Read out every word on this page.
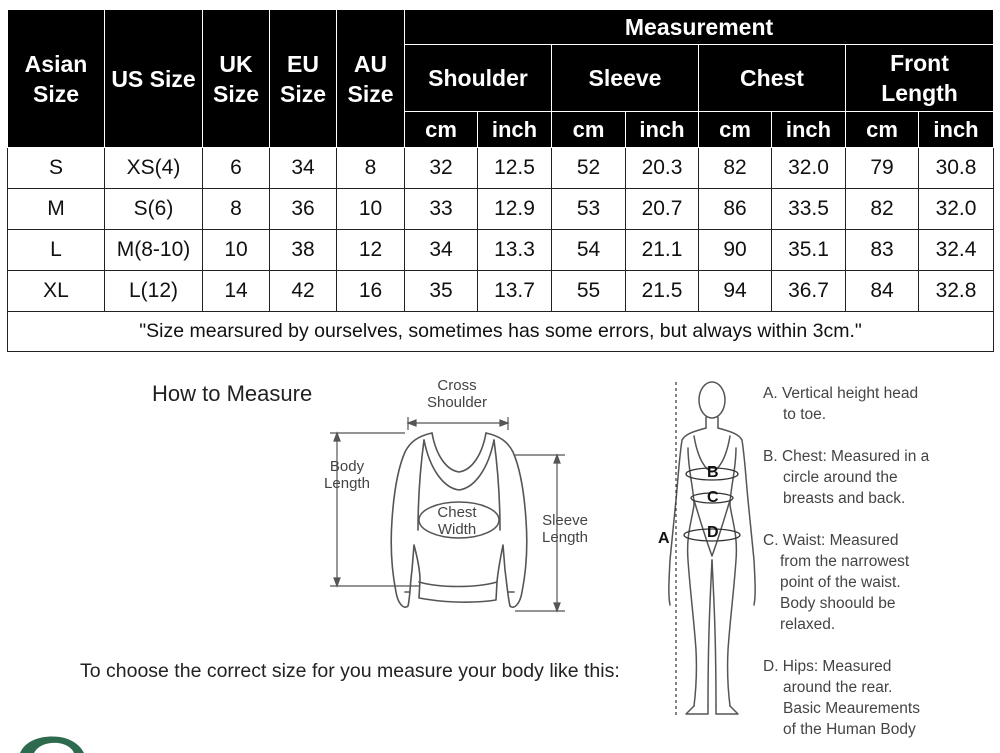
Asian Size	US Size	UK Size	EU Size	AU Size	Measurement							
					Shoulder		Sleeve		Chest		Front Length	
					cm	inch	cm	inch	cm	inch	cm	inch
S	XS(4)	6	34	8	32	12.5	52	20.3	82	32.0	79	30.8
M	S(6)	8	36	10	33	12.9	53	20.7	86	33.5	82	32.0
L	M(8-10)	10	38	12	34	13.3	54	21.1	90	35.1	83	32.4
XL	L(12)	14	42	16	35	13.7	55	21.5	94	36.7	84	32.8
"Size mearsured by ourselves, sometimes has some errors, but always within 3cm."												
How to Measure
To choose the correct size for you measure your body like this:
Cross
Shoulder
Body
Length
Chest
Width
Sleeve
Length	A
B
C
D
A. Vertical height head
to toe.
B. Chest: Measured in a
circle around the
breasts and back.
C. Waist: Measured
from the narrowest
point of the waist.
Body shoould be
relaxed.
D. Hips: Measured
around the rear.
Basic Meaurements
of the Human Body
